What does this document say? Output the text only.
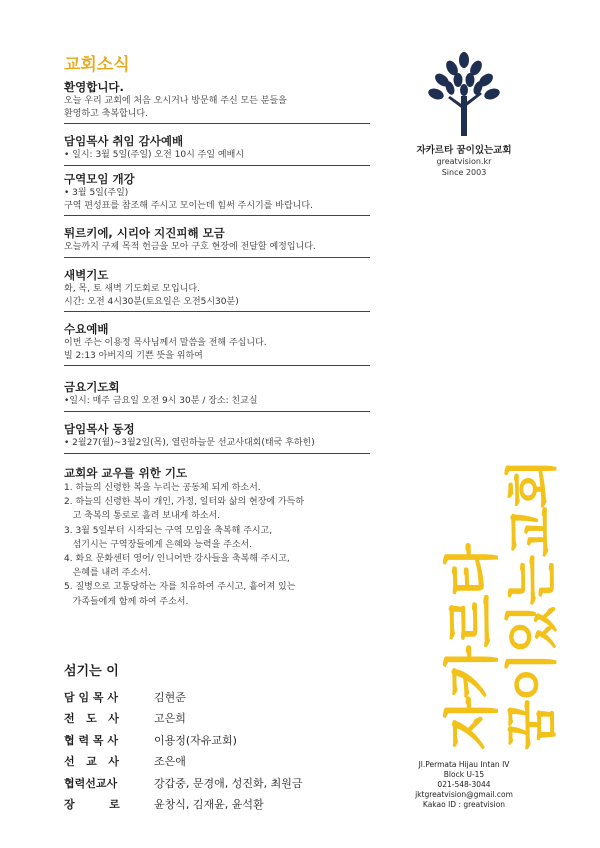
교회소식
환영합니다.
오늘 우리 교회에 처음 오시거나 방문해 주신 모든 분들을
환영하고 축복합니다.
담임목사 취임 감사예배
• 일시: 3월 5일(주일) 오전 10시 주일 예배시
구역모임 개강
• 3월 5일(주일)
구역 편성표를 참조해 주시고 모이는데 힘써 주시기를 바랍니다.
튀르키에, 시리아 지진피해 모금
오늘까지 구제 목적 헌금을 모아 구호 현장에 전달할 예정입니다.
새벽기도
화, 목, 토 새벽 기도회로 모입니다.
시간: 오전 4시30분(토요일은 오전5시30분)
수요예배
이번 주는 이용정 목사님께서 말씀을 전해 주십니다.
빌 2:13 아버지의 기쁜 뜻을 위하여
금요기도회
•일시: 매주 금요일 오전 9시 30분 / 장소: 친교실
담임목사 동정
• 2월27(월)~3월2일(목), 열린하늘문 선교사대회(태국 후하힌)
교회와 교우를 위한 기도
1. 하늘의 신령한 복을 누리는 공동체 되게 하소서.
2. 하늘의 신령한 복이 개인, 가정, 일터와 삶의 현장에 가득하
고 축복의 통로로 흘려 보내게 하소서.
3. 3월 5일부터 시작되는 구역 모임을 축복해 주시고,
섬기시는 구역장들에게 은혜와 능력을 주소서.
4. 화요 문화센터 영어/ 인니어반 강사들을 축복해 주시고,
은혜를 내려 주소서.
5. 질병으로 고통당하는 자를 치유하여 주시고, 흩어져 있는
가족들에게 함께 하여 주소서.
섬기는 이
담 임 목 사	김현준
전   도   사	고은희
협 력 목 사	이용정(자유교회)
선   교   사	조은애
협력선교사	강갑중, 문경애, 성진화, 최원금
장         로	윤창식, 김재윤, 윤석환
자카르타 꿈이있는교회
greatvision.kr
Since 2003
자카르타 꿈이있는교회
Jl.Permata Hijau Intan IV
Block U-15
021-548-3044
jktgreatvision@gmail.com
Kakao ID : greatvision
